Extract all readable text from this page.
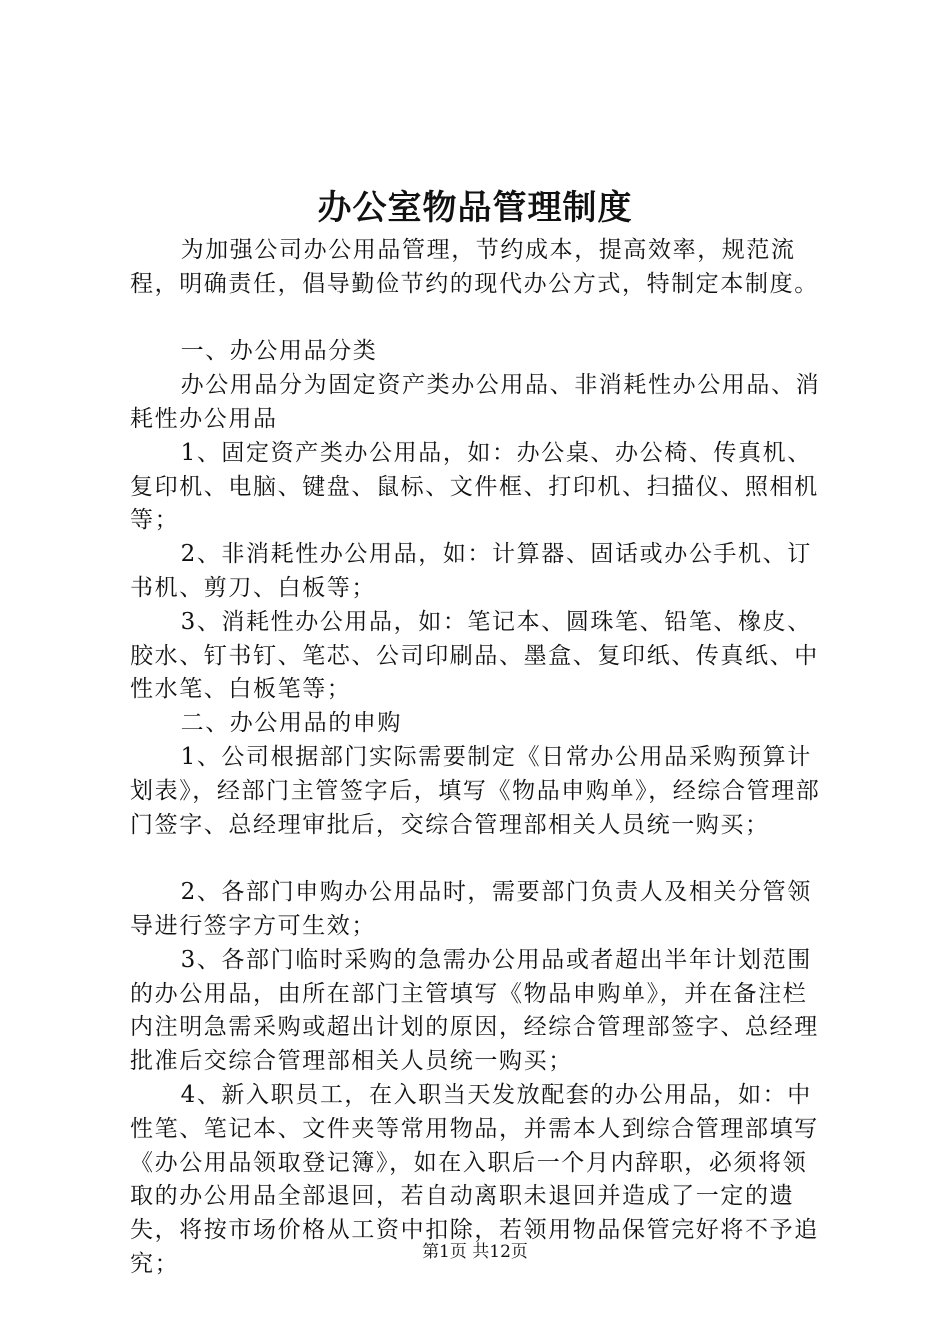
办公室物品管理制度

为加强公司办公用品管理，节约成本，提高效率，规范流程，明确责任，倡导勤俭节约的现代办公方式，特制定本制度。

一、办公用品分类

办公用品分为固定资产类办公用品、非消耗性办公用品、消耗性办公用品

1、固定资产类办公用品，如：办公桌、办公椅、传真机、复印机、电脑、键盘、鼠标、文件框、打印机、扫描仪、照相机等；

2、非消耗性办公用品，如：计算器、固话或办公手机、订书机、剪刀、白板等；

3、消耗性办公用品，如：笔记本、圆珠笔、铅笔、橡皮、胶水、钉书钉、笔芯、公司印刷品、墨盒、复印纸、传真纸、中性水笔、白板笔等；

二、办公用品的申购

1、公司根据部门实际需要制定《日常办公用品采购预算计划表》，经部门主管签字后，填写《物品申购单》，经综合管理部门签字、总经理审批后，交综合管理部相关人员统一购买；

2、各部门申购办公用品时，需要部门负责人及相关分管领导进行签字方可生效；

3、各部门临时采购的急需办公用品或者超出半年计划范围的办公用品，由所在部门主管填写《物品申购单》，并在备注栏内注明急需采购或超出计划的原因，经综合管理部签字、总经理批准后交综合管理部相关人员统一购买；

4、新入职员工，在入职当天发放配套的办公用品，如：中性笔、笔记本、文件夹等常用物品，并需本人到综合管理部填写《办公用品领取登记簿》，如在入职后一个月内辞职，必须将领取的办公用品全部退回，若自动离职未退回并造成了一定的遗失，将按市场价格从工资中扣除，若领用物品保管完好将不予追究；	第1页 共12页
